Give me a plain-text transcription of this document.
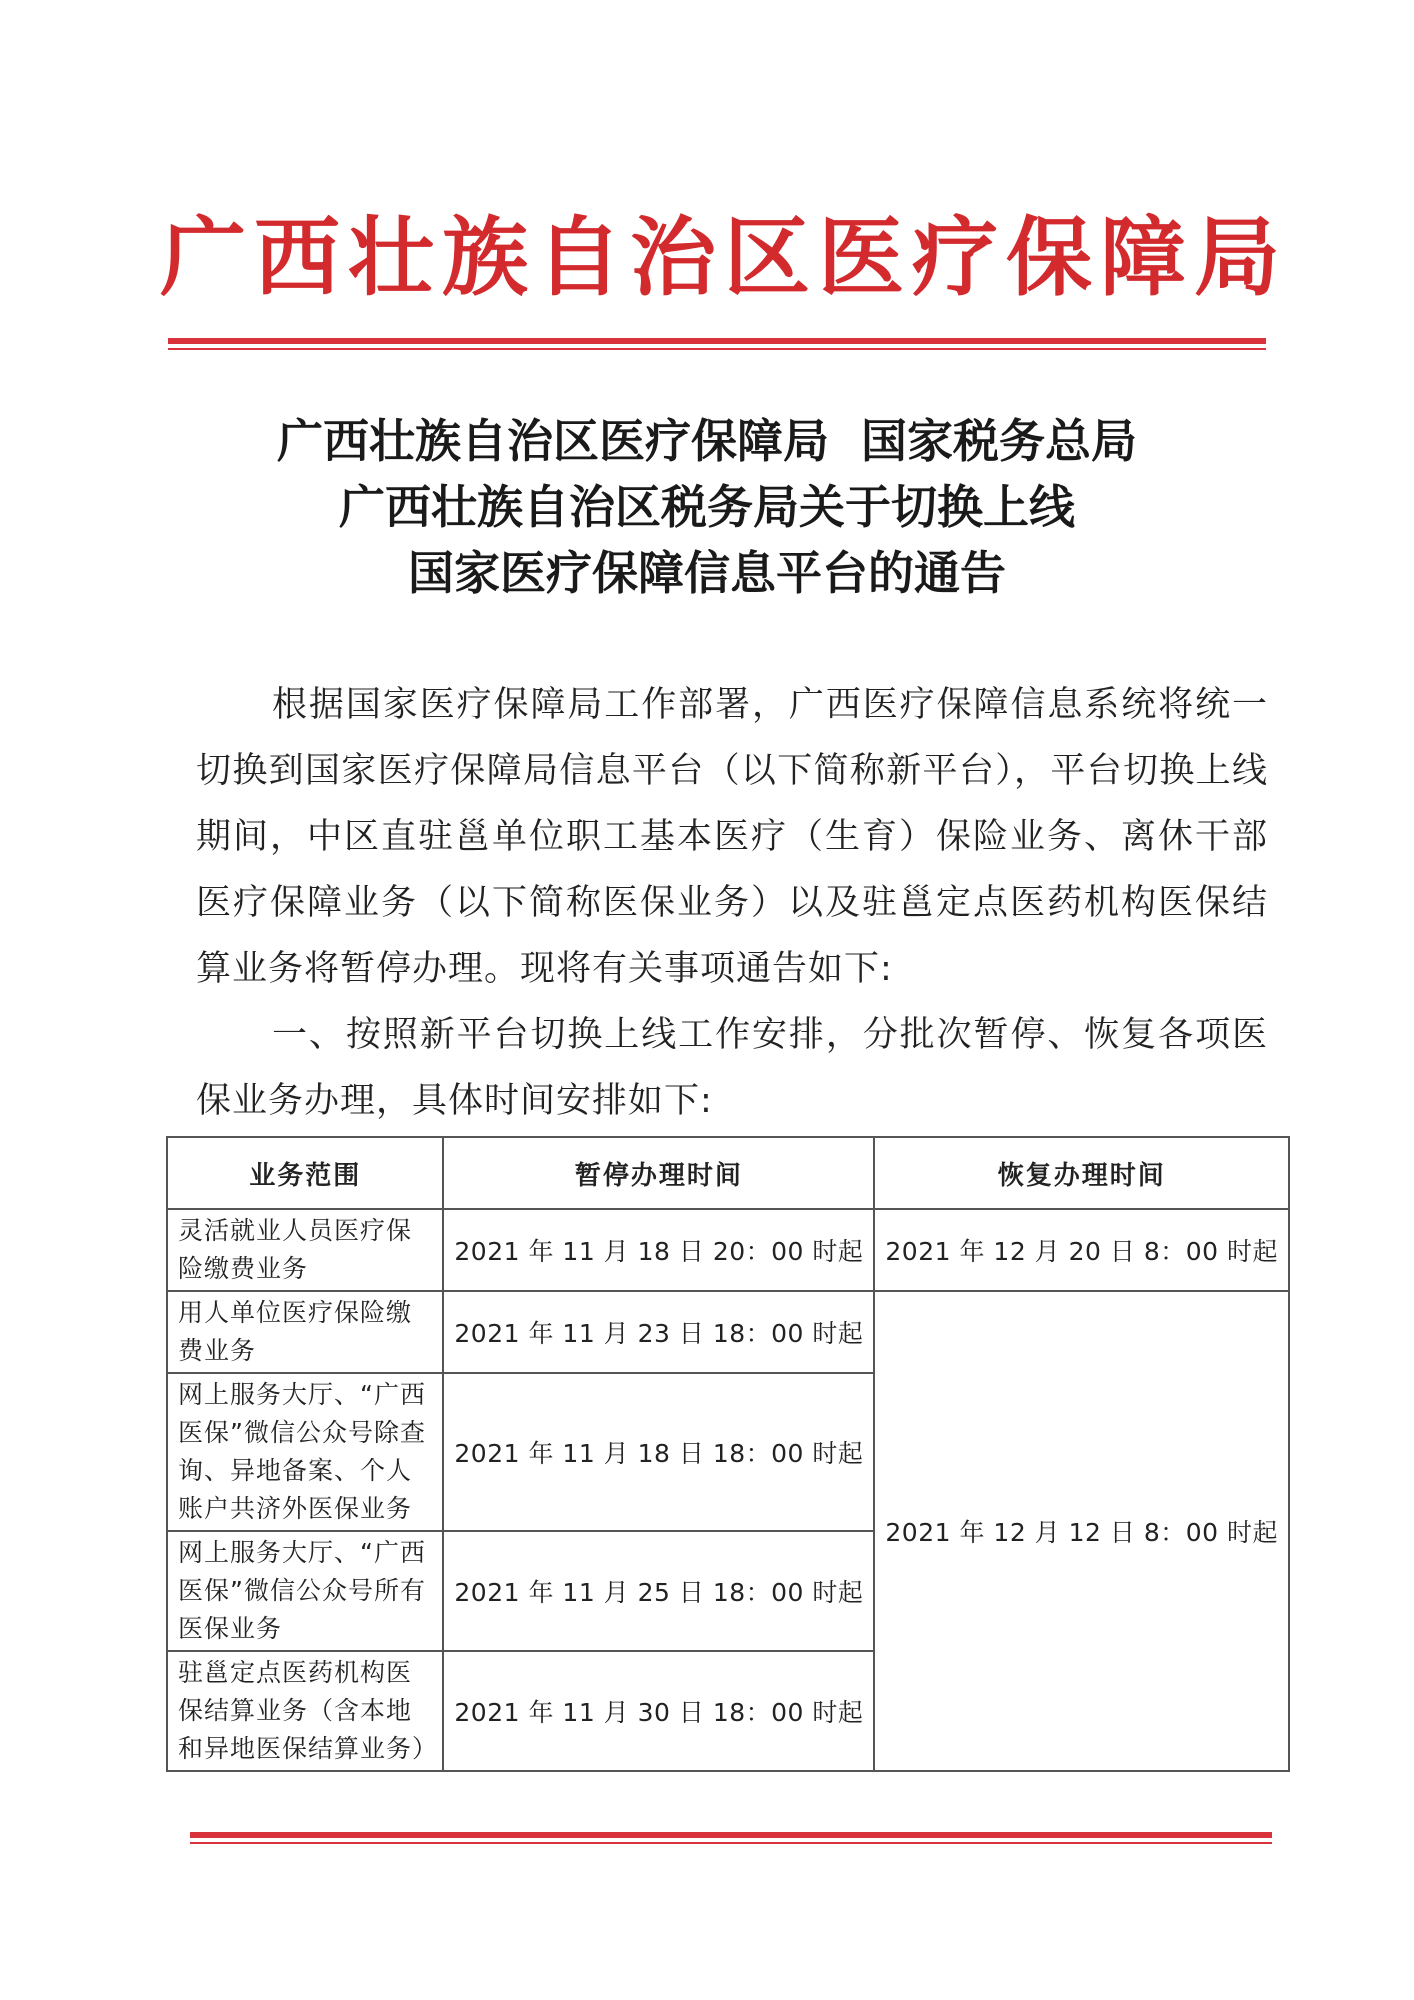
广 西 壮 族 自 治 区 医 疗 保 障 局
广西壮族自治区医疗保障局  国家税务总局
广西壮族自治区税务局关于切换上线
国家医疗保障信息平台的通告

根据国家医疗保障局工作部署，广西医疗保障信息系统将统一切换到国家医疗保障局信息平台（以下简称新平台），平台切换上线期间，中区直驻邕单位职工基本医疗（生育）保险业务、离休干部医疗保障业务（以下简称医保业务）以及驻邕定点医药机构医保结算业务将暂停办理。现将有关事项通告如下:

一、按照新平台切换上线工作安排，分批次暂停、恢复各项医保业务办理，具体时间安排如下:

业务范围	暂停办理时间	恢复办理时间
灵活就业人员医疗保险缴费业务	2021 年 11 月 18 日 20：00 时起	2021 年 12 月 20 日 8：00 时起
用人单位医疗保险缴费业务	2021 年 11 月 23 日 18：00 时起	2021 年 12 月 12 日 8：00 时起
网上服务大厅、“广西医保”微信公众号除查询、异地备案、个人账户共济外医保业务	2021 年 11 月 18 日 18：00 时起	
网上服务大厅、“广西医保”微信公众号所有医保业务	2021 年 11 月 25 日 18：00 时起	
驻邕定点医药机构医保结算业务（含本地和异地医保结算业务）	2021 年 11 月 30 日 18：00 时起	
